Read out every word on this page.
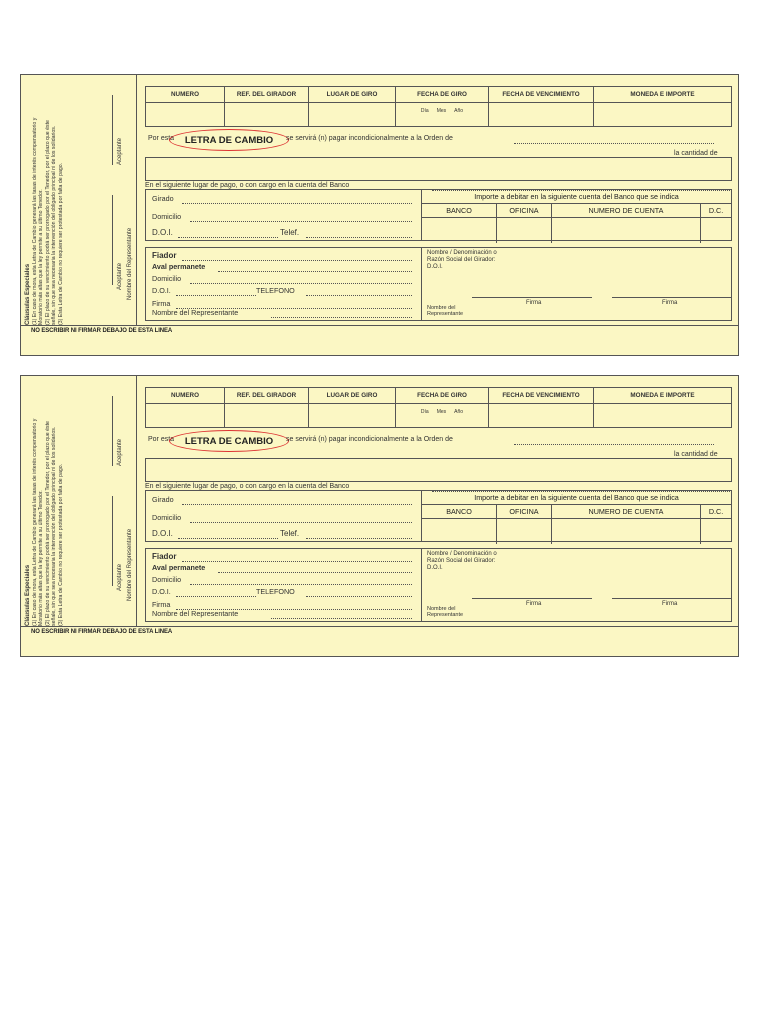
Cláusulas Especiales (1) En caso de mora, esta Letra de Cambio generará las tasas de interés compensatorio y Moratorio más altas que la ley permite a su último Tenedor. (2) El plazo de su vencimiento podrá ser prorrogado por el Tenedor, por el plazo que éste señale, sin que sea necesaria la intervención del obligado principal ni de los solidarios. (3) Esta Letra de Cambio no requiere ser protestada por falta de pago.
Aceptante
Aceptante Nombre del Representante
NUMERO	REF. DEL GIRADOR	LUGAR DE GIRO	FECHA DE GIRO	FECHA DE VENCIMIENTO	MONEDA E IMPORTE

			Día Mes Año		

Por esta	LETRA DE CAMBIO	se servirá (n) pagar incondicionalmente a la Orden de
la cantidad de
En el siguiente lugar de pago, o con cargo en la cuenta del Banco
Girado
Domicilio
D.O.I.	Telef.
Importe a debitar en la siguiente cuenta del Banco que se indica
BANCO	OFICINA	NUMERO DE CUENTA	D.C.

Fiador
Aval permanete
Domicilio
D.O.I.	TELEFONO
Firma
Nombre del Representante
Nombre / Denominación o
Razón Social del Girador:
D.O.I.
Firma	Firma
Nombre del
Representante
NO ESCRIBIR NI FIRMAR DEBAJO DE ESTA LINEA
Cláusulas Especiales (1) En caso de mora, esta Letra de Cambio generará las tasas de interés compensatorio y Moratorio más altas que la ley permite a su último Tenedor. (2) El plazo de su vencimiento podrá ser prorrogado por el Tenedor, por el plazo que éste señale, sin que sea necesaria la intervención del obligado principal ni de los solidarios. (3) Esta Letra de Cambio no requiere ser protestada por falta de pago.
Aceptante
Aceptante Nombre del Representante
NUMERO	REF. DEL GIRADOR	LUGAR DE GIRO	FECHA DE GIRO	FECHA DE VENCIMIENTO	MONEDA E IMPORTE

			Día Mes Año		

Por esta	LETRA DE CAMBIO	se servirá (n) pagar incondicionalmente a la Orden de
la cantidad de
En el siguiente lugar de pago, o con cargo en la cuenta del Banco
Girado
Domicilio
D.O.I.	Telef.
Importe a debitar en la siguiente cuenta del Banco que se indica
BANCO	OFICINA	NUMERO DE CUENTA	D.C.

Fiador
Aval permanete
Domicilio
D.O.I.	TELEFONO
Firma
Nombre del Representante
Nombre / Denominación o
Razón Social del Girador:
D.O.I.
Firma	Firma
Nombre del
Representante
NO ESCRIBIR NI FIRMAR DEBAJO DE ESTA LINEA
